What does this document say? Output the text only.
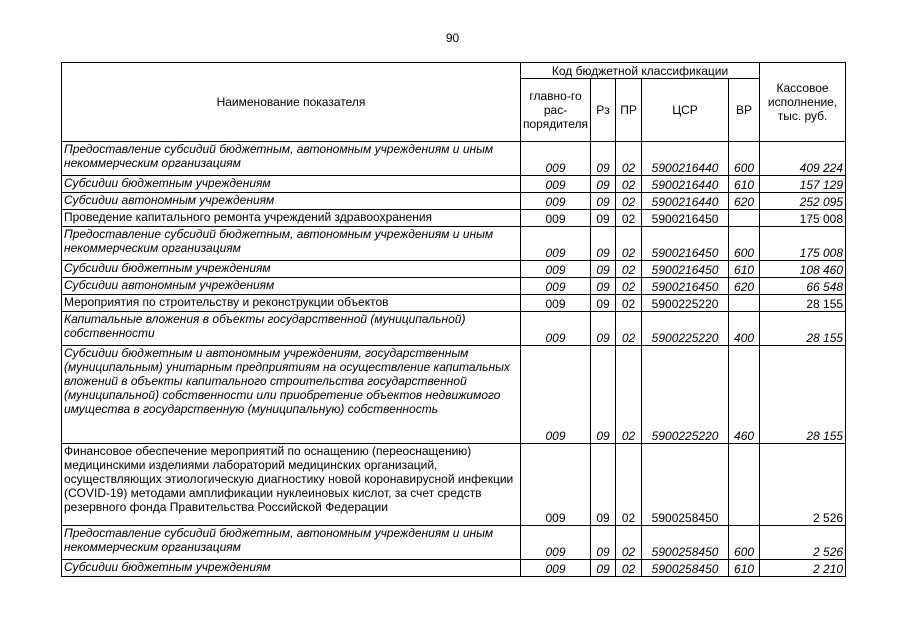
90
Наименование показателя	Код бюджетной классификации					Кассовое исполнение, тыс. руб.
	главно-го рас-порядителя	Рз	ПР	ЦСР	ВР	
Предоставление субсидий бюджетным, автономным учреждениям и иным некоммерческим организациям	009	09	02	5900216440	600	409 224
Субсидии бюджетным учреждениям	009	09	02	5900216440	610	157 129
Субсидии автономным учреждениям	009	09	02	5900216440	620	252 095
Проведение капитального ремонта учреждений здравоохранения	009	09	02	5900216450		175 008
Предоставление субсидий бюджетным, автономным учреждениям и иным некоммерческим организациям	009	09	02	5900216450	600	175 008
Субсидии бюджетным учреждениям	009	09	02	5900216450	610	108 460
Субсидии автономным учреждениям	009	09	02	5900216450	620	66 548
Мероприятия по строительству и реконструкции объектов	009	09	02	5900225220		28 155
Капитальные вложения в объекты государственной (муниципальной) собственности	009	09	02	5900225220	400	28 155
Субсидии бюджетным и автономным учреждениям, государственным (муниципальным) унитарным предприятиям на осуществление капитальных вложений в объекты капитального строительства государственной (муниципальной) собственности или приобретение объектов недвижимого имущества в государственную (муниципальную) собственность	009	09	02	5900225220	460	28 155
Финансовое обеспечение мероприятий по оснащению (переоснащению) медицинскими изделиями лабораторий медицинских организаций, осуществляющих этиологическую диагностику новой коронавирусной инфекции (COVID-19) методами амплификации нуклеиновых кислот, за счет средств резервного фонда Правительства Российской Федерации	009	09	02	5900258450		2 526
Предоставление субсидий бюджетным, автономным учреждениям и иным некоммерческим организациям	009	09	02	5900258450	600	2 526
Субсидии бюджетным учреждениям	009	09	02	5900258450	610	2 210
